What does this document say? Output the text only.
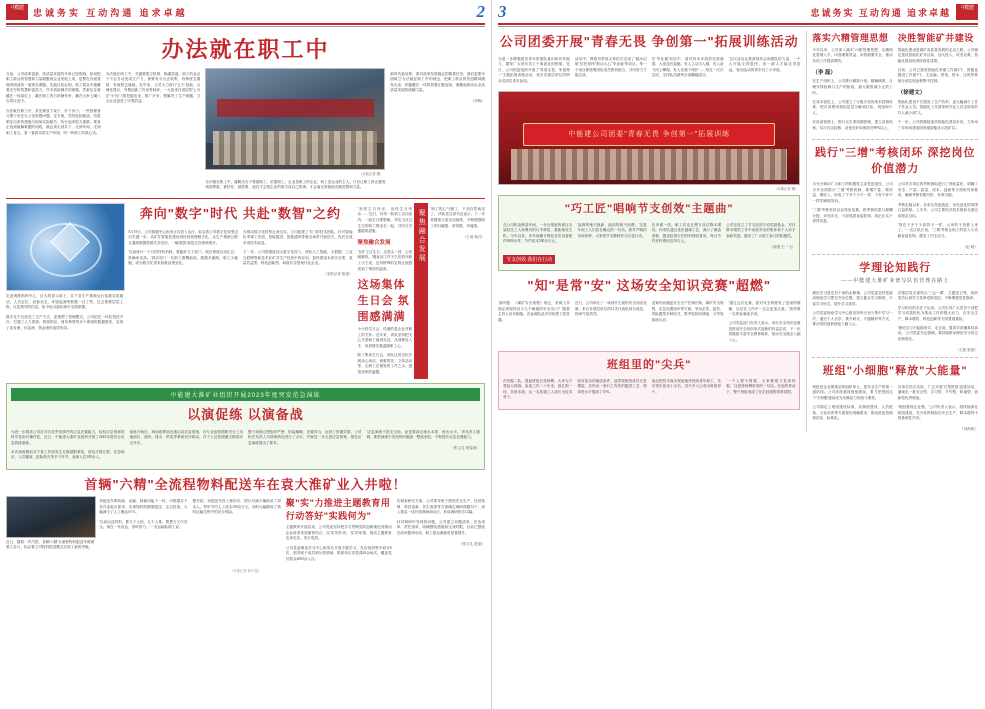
中能建	忠诚务实 互动沟通 追求卓越	2
办法就在职工中

当前，公司改革创新、高质量发展的号角已经吹响，如何把职工群众的智慧和力量凝聚到企业发展上来，是摆在各级管理者面前的一道现实课题。实践反复证明，职工群众中蕴藏着无穷的智慧和创造力，许多看似棘手的难题，答案往往就藏在一线岗位上、藏在职工的日常操作里、藏在大家七嘴八舌的议论中。

办法就在职工中，首先要放下架子、扑下身子。一些管理者习惯于坐在办公室里想问题、定方案，凭经验拍脑袋，结果制定出来的措施与现场实际脱节，执行起来阻力重重。要真正找到破解难题的钥匙，就必须走到井下、走到车间、走到职工身边，看一看真实的生产环境，听一听职工的真心话。

办法就在职工中，关键要建立机制、畅通渠道。职工的金点子不会自动变成生产力，需要有平台去收集、有制度去激励、有流程去落地。近年来，公司大力推行'五小'创新、合理化建议、劳模创新工作室等载体，一大批来自基层的'土办法''小窍门'被挖掘出来、推广开来，既解决了生产难题，又为企业创造了可观效益。

（本报记者 摄）

办法就在职工中，落脚点在于尊重职工、依靠职工。企业是职工的企业，职工是企业的主人。只有让职工真正感受到被尊重、被信任、被需要，他们才会把企业的事当成自己的事，才会毫无保留地贡献智慧和力量。

新时代新征程，面对改革发展稳定的繁重任务，我们更要牢固树立'办法就在职工中'的理念，把职工群众的首创精神激发出来，把蕴藏在一线的智慧汇聚起来，凝聚起推动企业高质量发展的磅礴力量。

（李梅）

走进调度指挥中心，巨大的显示屏上，井下各生产系统运行参数实时跳动，人员定位、设备状态、环境监测等数据一目了然。过去需要层层上报、反复核对的信息，如今轻点鼠标即可全面掌握。

数字化不仅改变了生产方式，更重塑了管理模式。公司依托一体化管控平台，打通了人力资源、物资供应、财务核算等多个系统的数据壁垒，实现了业务流、信息流、资金流的高效协同。

奔向"数字"时代 共赴"数智"之约

5月19日，公司数据中心机房正式投入运行，标志着公司数字化转型迈出关键一步。从矿井智能化建设到经营管理数字化，从生产系统互联互通到数据资源共享应用，一幅'数智'画卷正在徐徐展开。

'以前统计一个月的材料消耗，要跑好几个部门，现在系统自动汇总，准确率还高。'供应部门一名职工感慨地说。数据多跑路，职工少跑腿，成为数字化带来的最直观变化。

为推动数字化转型走深走实，公司组建了专门的技术团队，针对智能化采煤工作面、智能掘进、智能通风等重点场景开展攻关，先后完成多项技术改造。

下一步，公司将继续加大数字化投入，深化人工智能、大数据、工业互联网等新技术在矿井生产经营中的应用，加快建设本质安全型、质量效益型、科技创新型、和谐共享型现代化企业。

（本报记者 报道）

'祝你生日快乐，祝你生日快乐……'近日，综采一队职工活动室内，一曲生日歌唱响，10名当月过生日的职工围坐在一起，共同分享蛋糕的甜蜜。

聚焦融合发展

'在矿上过生日，还是头一回，心里暖暖的。'刚参加工作不久的青年职工小王说，这份特殊的礼物让他感受到了集体的温度。

这场集体生日会 氛围感满满

小小的生日会，传递的是企业对职工的关怀。近年来，该队坚持把关心关爱职工落到实处，从细微处入手，用真情实感温暖职工心。

除了集体生日会，该队还常态化开展谈心谈话、困难帮扶、文体活动等，让职工在紧张的工作之余，感受到家的温馨。

聚焦融合发展

'职工的心气顺了，干劲自然就足了。'该队党支部书记表示，下一步将继续丰富活动载体，不断增强职工的归属感、获得感、幸福感。

（王雨 杨洋）
中能建大淮矿业组织开展2023年度突发范急演练
以演促练 以演备战

为进一步提高公司应对各类突发事件的应急处置能力，检验应急预案的科学性和可操作性，近日，中能建大淮矿业组织开展了2023年度综合应急救援演练。

本次演练模拟井下某工作面发生瓦斯超限事故，涉及灾情汇报、应急响应、人员撤离、抢险救灾等多个环节，参演人员100余人。

演练开始后，现场指挥部迅速启动应急预案，各专业组按照职责分工迅速到位，通风、排水、供电等系统有序联动，井下人员按照避灾路线安全升井。

整个演练过程组织严密、衔接顺畅、处置得当，达到了预期效果。公司相关负责人对演练情况进行了点评，并就进一步完善应急预案、强化应急演练提出了要求。

'应急演练不是走过场，而是要真正练出本领、练出水平。'该负责人强调，要把演练中发现的问题逐一整改到位，不断提升应急处置能力。

（张文礼 徐春涛）
首辆"六精"全流程物料配送车在袁大淮矿业入井啦！

近日，随着一声汽笛，首辆'六精'全流程物料配送车缓缓驶入井口，标志着公司物料配送模式实现了新的突破。

该配送车集装载、运输、卸载功能于一体，可根据井下各作业地点需求，实现物料的精准配送、定点投放，大幅减少了人工搬运环节。

'以前运送材料，要几个人抬、几个人推，既费力又不安全。现在一车直达，省时省力。'一名运输队职工说。

据介绍，该配送车投入使用后，预计可减少辅助用工20余人，每年节约人工成本100余万元，同时大幅降低了物料运输过程中的安全风险。

聚"实"力推进主题教育用行动答好"实践何为"

主题教育开展以来，公司党委坚持把学习贯彻党的创新理论同推动企业改革发展紧密结合，以'实'的作风、'实'的举措，推动主题教育走深走实、见行见效。

公司党委理论学习中心组带头开展专题学习，先后组织集中研讨6次，领导班子成员到分管领域、联系单位讲党课20余场次，覆盖党员群众2000余人次。

在调查研究方面，公司领导班子围绕安全生产、经营管理、科技创新、民生改善等方面确定调研课题12个，深入基层一线开展调研40余次，形成调研报告12篇。

针对调研中发现的问题，公司建立问题清单、任务清单、责任清单，明确整改措施和完成时限，目前已整改完成问题30余项，职工群众满意度显著提升。

（张文礼 报道）
（本报记者 和中超）
3	忠诚务实 互动沟通 追求卓越	中能建
公司团委开展"青春无畏 争创第一"拓展训练活动

为进一步增强团员青年的团队意识和协作能力，激发广大青年员工干事创业的热情，近日，公司团委组织开展了'青春无畏、争创第一'主题拓展训练活动，来自各基层单位的60余名团员青年参加。

活动中，教练员带领大家依次完成了'破冰启航''信任背摔''鼓动人心''毕业墙'等项目。每一个项目都需要团队成员密切配合、共同努力才能完成。

在'毕业墙'项目中，面对四米多高的光滑墙面，大家没有退缩。有人主动当人梯，有人奋力向上攀爬，有人在墙下保护……经过一次次尝试，全体队员最终全部翻越成功。

'这次活动让我深刻体会到团队的力量，一个人可能走得很快，但一群人才能走得更远。'参加活动的青年员工小李说。

中能建公司团委"青春无畏 争创第一"拓展训练
（本报记者 摄）
"巧工匠"唱响节支创效"主题曲"

在公司机电修造车间，一台台报废的液压支架经过工人师傅们的巧手修复，重新焕发生机。今年以来，该车间累计修复各类设备配件3000余件，节约成本500余万元。

节支创效 我们在行动

'能修的绝不换新，能用的绝不浪费。'这是车间工人们挂在嘴边的一句话。面对严峻的市场形势，大家把节支降耗作为自觉行动。

在采煤一线，职工们也在想方设法降本增效。综采队通过优化割煤工艺，减少了截齿消耗；掘进队推行旧材料回收复用，每月节约材料费用近10万元。

公司还设立了节支创效专项奖励基金，对在降本增效工作中表现突出的集体和个人给予表彰奖励，激发了广大职工参与的积极性。

（周强 王一飞）
"知"是常"安" 这场安全知识竞赛"超燃"

'请听题：《煤矿安全规程》规定，采煤工作面必须保持至少几个畅通的安全出口？'随着主持人话音刚落，各参赛队选手纷纷按下抢答器。

近日，公司举办了一场别开生面的安全知识竞赛，来自各基层单位的12支代表队同台竞技，现场气氛热烈。

竞赛内容涵盖安全生产法律法规、煤矿安全规程、应急处置知识等方面，采用必答、抢答、风险题等多种形式，既考验知识储备，又考验临场反应。

'通过这次比赛，我对安全规程有了更深的理解，以后在工作中一定会更加注意。'获得第一名的参赛选手说。

公司安监部门负责人表示，举办安全知识竞赛是推动安全培训形式创新的有益尝试，下一步将继续丰富安全教育载体，推动安全理念入脑入心。

班组里的"尖兵"

在综掘二队，提起班组长张师傅，大家无不竖起大拇指。参加工作二十年来，他扎根一线，苦练本领，从一名普通工人成长为技术骨干。

面对复杂的地质条件，他带领班组成员反复摸索，总结出一套行之有效的掘进工艺，使单进水平提高了15%。

他还把技术毫无保留地传授给青年职工，先后带出徒弟十余名，其中多人已成为班组骨干。

'一个人强不算强，大家都强才是真的强。'这是张师傅常说的一句话。在他的带动下，整个班组形成了比学赶超的浓厚氛围。

落实六精管理思想

今年以来，公司深入落实'六精'管理思想，从精细化管理入手，向管理要效益、向管理要安全，推动各项工作提质增效。

（李 磊）

在生产组织上，公司推行精准计划、精确调度，合理安排检修与生产的衔接，最大限度减少无效工时。

在成本管控上，公司建立了分级分类的成本控制体系，把各项费用指标层层分解到区队、班组和个人。

在设备管理上，推行全生命周期管理，建立设备档案，实行状态检修，设备完好率保持在98%以上。

决胜智能矿井建设

智能化建设是煤矿高质量发展的必由之路。公司锚定建设智能化矿井目标，加大投入、攻坚克难，智能化建设取得阶段性成果。

目前，公司已建成智能化采煤工作面2个、智能化掘进工作面1个，主运输、供电、排水、压风等系统全部实现远程集中控制。

（徐建文）

智能化建设不仅提高了生产效率，更大幅减少了井下作业人员。智能化工作面单班作业人员由原来的15人减少到7人。

下一步，公司将继续加快智能化建设步伐，力争用三年时间建成国家级智能化示范矿井。

践行"三增"考核闭环 深挖岗位价值潜力

为充分调动广大职工的积极性主动性创造性，公司今年全面推行'三增'考核机制，即增产量、增效益、增收入，形成了'干多干少不一样、干好干坏不一样'的鲜明导向。

'三增'考核坚持以业绩论英雄，把考核结果与薪酬分配、评优评先、干部选拔直接挂钩，真正让实干者得实惠。

公司对各单位的考核指标进行了细化量化，明确了安全、产量、质量、成本、创新等方面的具体要求，确保考核有据可依、有章可循。

考核实施以来，各单位你追我赶、争先创优的氛围日益浓厚。上半年，公司主要经济技术指标全面完成预定目标。

'现在干多干少真的不一样，大家的干劲都上来了。'一名区队长说，'三增'考核让职工的收入与贡献直接挂钩，激发了内生动力。

（赵 敏）
学理论知践行
——中能建大淮矿业谱写队伍管理在路上

理论学习是党员干部的必修课。公司党委坚持把政治理论学习摆在突出位置，建立健全学习制度，丰富学习形式，提升学习质效。

公司党委理论学习中心组坚持每月至少集中学习一次，通过个人自学、集中研讨、专题辅导等方式，推动党的创新理论入脑入心。

各基层党支部结合'三会一课'、主题党日等，组织党员认真学习党章党规党纪，不断增强党性修养。

学习的目的全在于运用。公司引导广大党员干部把学习成果转化为推动工作的强大动力，在安全生产、降本增效、科技创新等方面勇挑重担。

'理论学习不能搞形式、走过场，要真学真懂真信真用。'公司党委书记强调，要持续推动理论学习常态化制度化。

（王凯 报道）
班组"小细胞"释放"大能量"

班组是企业最基层的组织单元，是安全生产的第一道防线。公司高度重视班组建设，着力把班组这个'小细胞'建设成为充满活力的战斗堡垒。

公司制定了班组建设标准，从制度建设、人员配备、文化培育等方面提出明确要求，推动班组管理规范化、标准化。

各单位结合实际，广泛开展'五型班组'创建活动，涌现出一批安全型、学习型、节约型、和谐型、创新型优秀班组。

'班组强则企业强。'公司负责人表示，将持续深化班组建设，充分发挥班组在安全生产、降本增效中的基础性作用。

（刘海波）
